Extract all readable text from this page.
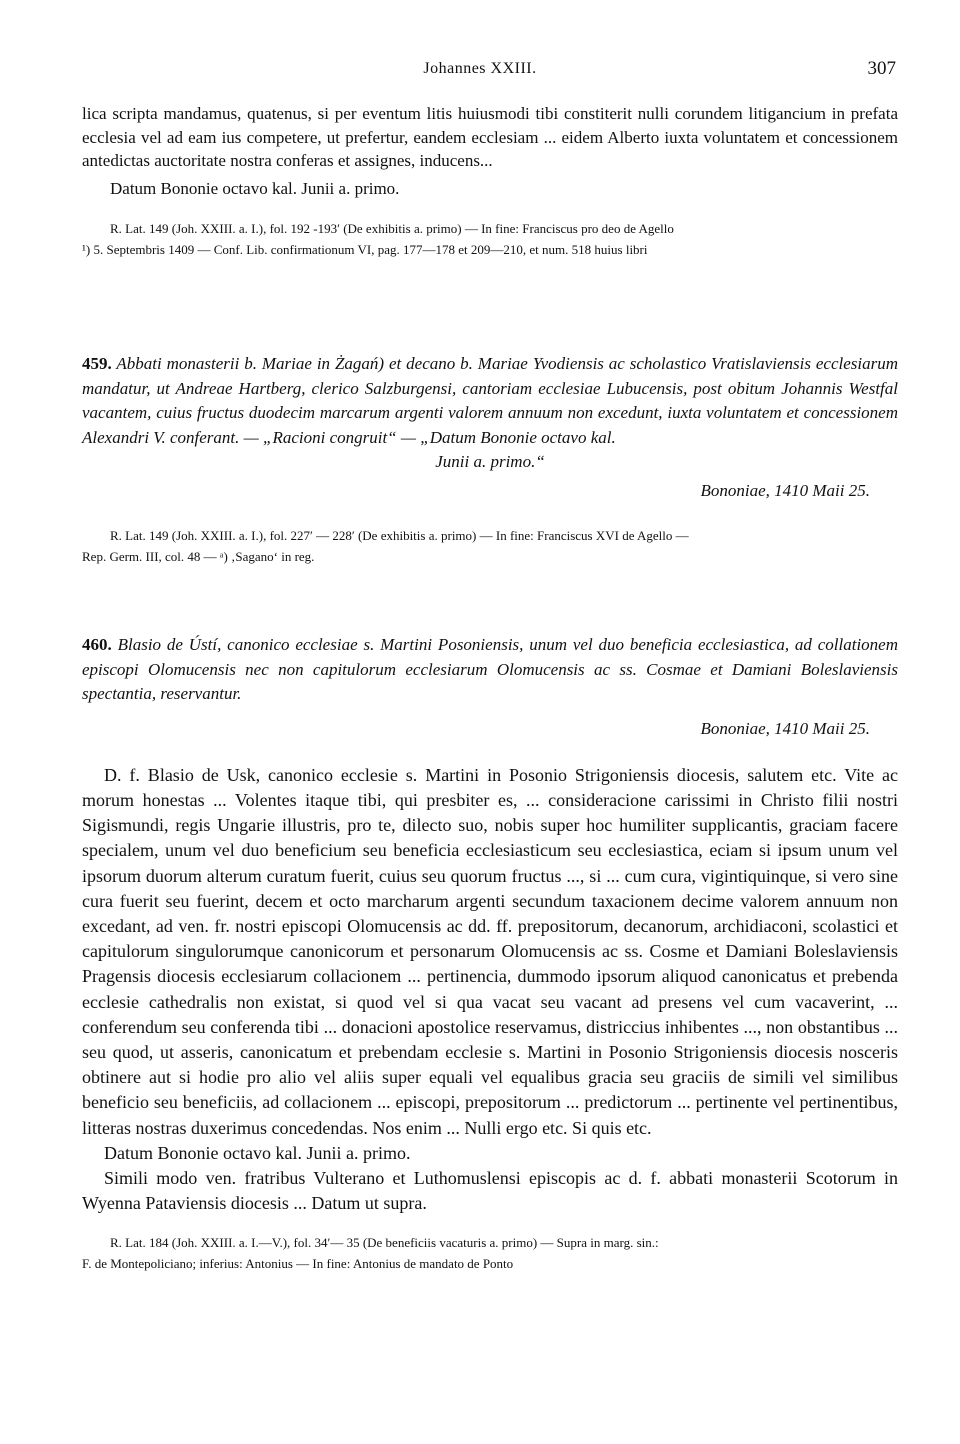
Johannes XXIII.	307

lica scripta mandamus, quatenus, si per eventum litis huiusmodi tibi constiterit nulli corundem litigancium in prefata ecclesia vel ad eam ius competere, ut prefertur, eandem ecclesiam ... eidem Alberto iuxta voluntatem et concessionem antedictas auctoritate nostra conferas et assignes, inducens...

Datum Bononie octavo kal. Junii a. primo.

R. Lat. 149 (Joh. XXIII. a. I.), fol. 192 -193′ (De exhibitis a. primo) — In fine: Franciscus pro deo de Agello

¹) 5. Septembris 1409 — Conf. Lib. confirmationum VI, pag. 177—178 et 209—210, et num. 518 huius libri

459. Abbati monasterii b. Mariae in Żagań) et decano b. Mariae Yvodiensis ac scholastico Vratislaviensis ecclesiarum mandatur, ut Andreae Hartberg, clerico Salzburgensi, cantoriam ecclesiae Lubucensis, post obitum Johannis Westfal vacantem, cuius fructus duodecim marcarum argenti valorem annuum non excedunt, iuxta voluntatem et concessionem Alexandri V. conferant. — „Racioni congruit“ — „Datum Bononie octavo kal.
Junii a. primo.“

Bononiae, 1410 Maii 25.

R. Lat. 149 (Joh. XXIII. a. I.), fol. 227′ — 228′ (De exhibitis a. primo) — In fine: Franciscus XVI de Agello —

Rep. Germ. III, col. 48 — ᵃ) ‚Sagano‘ in reg.

460. Blasio de Ústí, canonico ecclesiae s. Martini Posoniensis, unum vel duo beneficia ecclesiastica, ad collationem episcopi Olomucensis nec non capitulorum ecclesiarum Olomucensis ac ss. Cosmae et Damiani Boleslaviensis spectantia, reservantur.

Bononiae, 1410 Maii 25.

D. f. Blasio de Usk, canonico ecclesie s. Martini in Posonio Strigoniensis diocesis, salutem etc. Vite ac morum honestas ... Volentes itaque tibi, qui presbiter es, ... consideracione carissimi in Christo filii nostri Sigismundi, regis Ungarie illustris, pro te, dilecto suo, nobis super hoc humiliter supplicantis, graciam facere specialem, unum vel duo beneficium seu beneficia ecclesiasticum seu ecclesiastica, eciam si ipsum unum vel ipsorum duorum alterum curatum fuerit, cuius seu quorum fructus ..., si ... cum cura, vigintiquinque, si vero sine cura fuerit seu fuerint, decem et octo marcharum argenti secundum taxacionem decime valorem annuum non excedant, ad ven. fr. nostri episcopi Olomucensis ac dd. ff. prepositorum, decanorum, archidiaconi, scolastici et capitulorum singulorumque canonicorum et personarum Olomucensis ac ss. Cosme et Damiani Boleslaviensis Pragensis diocesis ecclesiarum collacionem ... pertinencia, dummodo ipsorum aliquod canonicatus et prebenda ecclesie cathedralis non existat, si quod vel si qua vacat seu vacant ad presens vel cum vacaverint, ... conferendum seu conferenda tibi ... donacioni apostolice reservamus, districcius inhibentes ..., non obstantibus ... seu quod, ut asseris, canonicatum et prebendam ecclesie s. Martini in Posonio Strigoniensis diocesis nosceris obtinere aut si hodie pro alio vel aliis super equali vel equalibus gracia seu graciis de simili vel similibus beneficio seu beneficiis, ad collacionem ... episcopi, prepositorum ... predictorum ... pertinente vel pertinentibus, litteras nostras duxerimus concedendas. Nos enim ... Nulli ergo etc. Si quis etc.

Datum Bononie octavo kal. Junii a. primo.

Simili modo ven. fratribus Vulterano et Luthomuslensi episcopis ac d. f. abbati monasterii Scotorum in Wyenna Pataviensis diocesis ... Datum ut supra.

R. Lat. 184 (Joh. XXIII. a. I.—V.), fol. 34′— 35 (De beneficiis vacaturis a. primo) — Supra in marg. sin.:

F. de Montepoliciano; inferius: Antonius — In fine: Antonius de mandato de Ponto
